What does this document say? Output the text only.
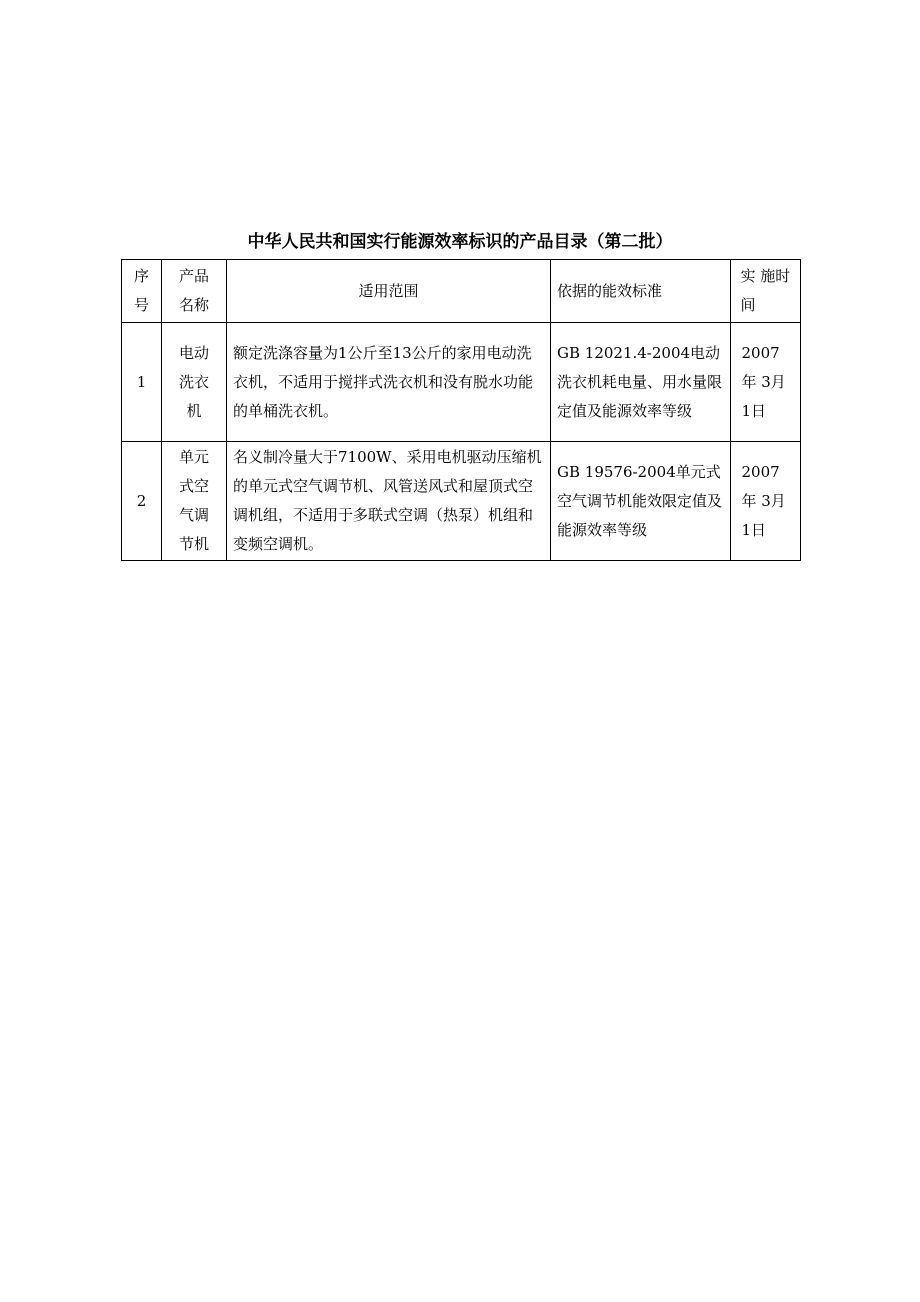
中华人民共和国实行能源效率标识的产品目录（第二批）
序号	产品名称	适用范围	依据的能效标准	实 施时间

1	电动洗衣机	额定洗涤容量为1公斤至13公斤的家用电动洗衣机，不适用于搅拌式洗衣机和没有脱水功能的单桶洗衣机。	GB 12021.4-2004电动洗衣机耗电量、用水量限定值及能源效率等级	2007年 3月 1日

2	单元式空气调节机	名义制冷量大于7100W、采用电机驱动压缩机的单元式空气调节机、风管送风式和屋顶式空调机组，不适用于多联式空调（热泵）机组和变频空调机。	GB 19576-2004单元式空气调节机能效限定值及能源效率等级	2007年 3月 1日
